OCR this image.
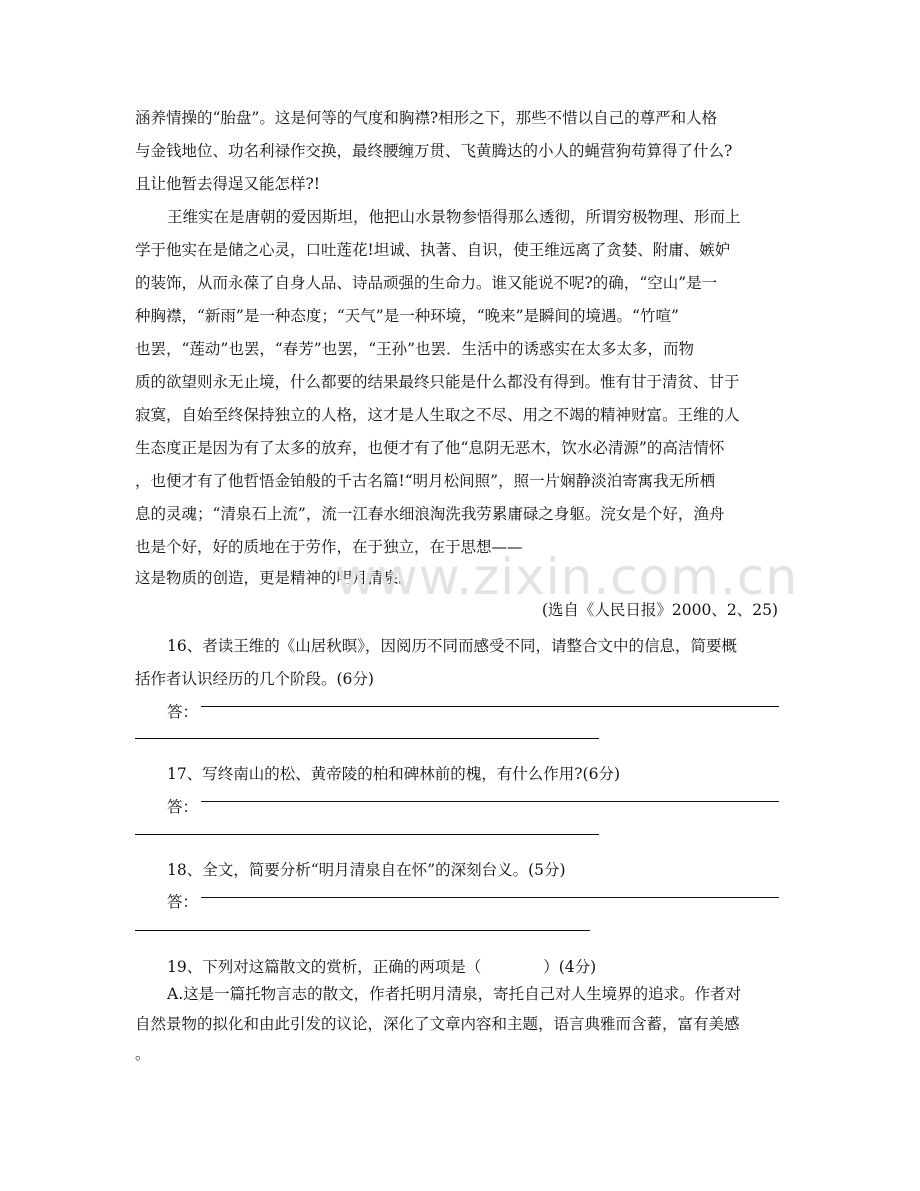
涵养情操的“胎盘”。这是何等的气度和胸襟?相形之下，那些不惜以自己的尊严和人格
与金钱地位、功名利禄作交换，最终腰缠万贯、飞黄腾达的小人的蝇营狗苟算得了什么?
且让他暂去得逞又能怎样?!
王维实在是唐朝的爱因斯坦，他把山水景物参悟得那么透彻，所谓穷极物理、形而上
学于他实在是储之心灵，口吐莲花!坦诚、执著、自识，使王维远离了贪婪、附庸、嫉妒
的装饰，从而永葆了自身人品、诗品顽强的生命力。谁又能说不呢?的确，“空山”是一
种胸襟，“新雨”是一种态度；“天气”是一种环境，“晚来”是瞬间的境遇。“竹喧”
也罢，“莲动”也罢，“春芳”也罢，“王孙”也罢．生活中的诱惑实在太多太多，而物
质的欲望则永无止境，什么都要的结果最终只能是什么都没有得到。惟有甘于清贫、甘于
寂寞，自始至终保持独立的人格，这才是人生取之不尽、用之不竭的精神财富。王维的人
生态度正是因为有了太多的放弃，也便才有了他“息阴无恶木，饮水必清源”的高洁情怀
，也便才有了他哲悟金铂般的千古名篇!“明月松间照”，照一片娴静淡泊寄寓我无所栖
息的灵魂；“清泉石上流”，流一江春水细浪淘洗我劳累庸碌之身躯。浣女是个好，渔舟
也是个好，好的质地在于劳作，在于独立，在于思想——
这是物质的创造，更是精神的明月清泉。
www.zixin.com.cn
(选自《人民日报》2000、2、25)
16、者读王维的《山居秋暝》，因阅历不同而感受不同，请整合文中的信息，简要概
括作者认识经历的几个阶段。(6分)
答：
17、写终南山的松、黄帝陵的柏和碑林前的槐，有什么作用?(6分)
答：
18、全文，简要分析“明月清泉自在怀”的深刻台义。(5分)
答：
19、下列对这篇散文的赏析，正确的两项是（　　　　）(4分)
A.这是一篇托物言志的散文，作者托明月清泉，寄托自己对人生境界的追求。作者对
自然景物的拟化和由此引发的议论，深化了文章内容和主题，语言典雅而含蓄，富有美感
。
